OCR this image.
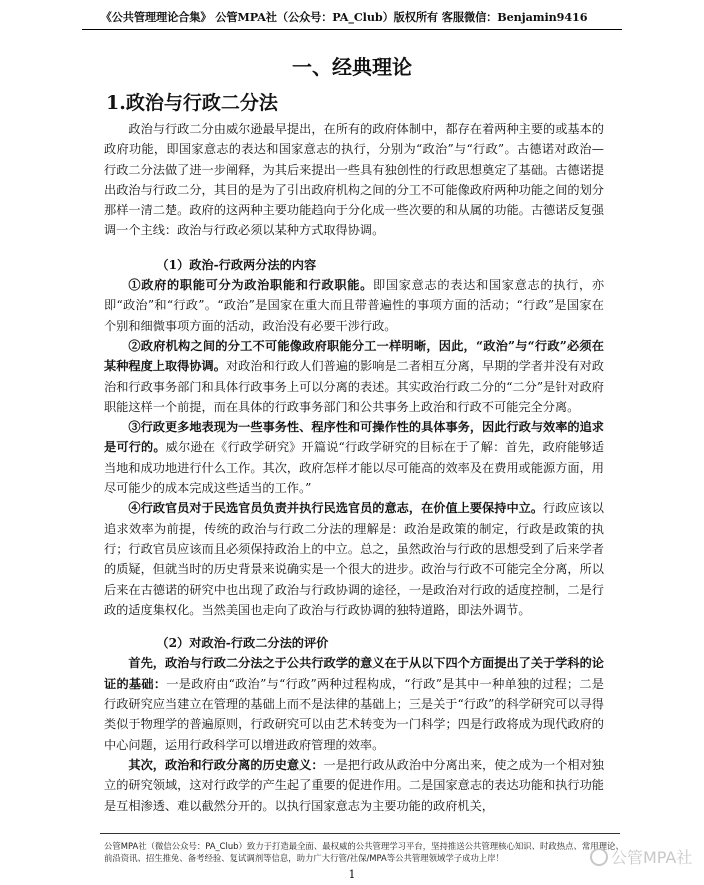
《公共管理理论合集》 公管MPA社（公众号：PA_Club）版权所有 客服微信：Benjamin9416
一、经典理论
1.政治与行政二分法

政治与行政二分由威尔逊最早提出，在所有的政府体制中，都存在着两种主要的或基本的政府功能，即国家意志的表达和国家意志的执行，分别为“政治”与“行政”。古德诺对政治—行政二分法做了进一步阐释，为其后来提出一些具有独创性的行政思想奠定了基础。古德诺提出政治与行政二分，其目的是为了引出政府机构之间的分工不可能像政府两种功能之间的划分那样一清二楚。政府的这两种主要功能趋向于分化成一些次要的和从属的功能。古德诺反复强调一个主线：政治与行政必须以某种方式取得协调。

（1）政治-行政两分法的内容

①政府的职能可分为政治职能和行政职能。即国家意志的表达和国家意志的执行，亦即“政治”和“行政”。“政治”是国家在重大而且带普遍性的事项方面的活动；“行政”是国家在个别和细微事项方面的活动，政治没有必要干涉行政。

②政府机构之间的分工不可能像政府职能分工一样明晰，因此，“政治”与“行政”必须在某种程度上取得协调。对政治和行政人们普遍的影响是二者相互分离，早期的学者并没有对政治和行政事务部门和具体行政事务上可以分离的表述。其实政治行政二分的“二分”是针对政府职能这样一个前提，而在具体的行政事务部门和公共事务上政治和行政不可能完全分离。

③行政更多地表现为一些事务性、程序性和可操作性的具体事务，因此行政与效率的追求是可行的。威尔逊在《行政学研究》开篇说“行政学研究的目标在于了解：首先，政府能够适当地和成功地进行什么工作。其次，政府怎样才能以尽可能高的效率及在费用或能源方面，用尽可能少的成本完成这些适当的工作。”

④行政官员对于民选官员负责并执行民选官员的意志，在价值上要保持中立。行政应该以追求效率为前提，传统的政治与行政二分法的理解是：政治是政策的制定，行政是政策的执行；行政官员应该而且必须保持政治上的中立。总之，虽然政治与行政的思想受到了后来学者的质疑，但就当时的历史背景来说确实是一个很大的进步。政治与行政不可能完全分离，所以后来在古德诺的研究中也出现了政治与行政协调的途径，一是政治对行政的适度控制，二是行政的适度集权化。当然美国也走向了政治与行政协调的独特道路，即法外调节。

（2）对政治-行政二分法的评价

首先，政治与行政二分法之于公共行政学的意义在于从以下四个方面提出了关于学科的论证的基础：一是政府由“政治”与“行政”两种过程构成，“行政”是其中一种单独的过程；二是行政研究应当建立在管理的基础上而不是法律的基础上；三是关于“行政”的科学研究可以寻得类似于物理学的普遍原则，行政研究可以由艺术转变为一门科学；四是行政将成为现代政府的中心问题，运用行政科学可以增进政府管理的效率。

其次，政治和行政分离的历史意义：一是把行政从政治中分离出来，使之成为一个相对独立的研究领域，这对行政学的产生起了重要的促进作用。二是国家意志的表达功能和执行功能是互相渗透、难以截然分开的。以执行国家意志为主要功能的政府机关，

公管MPA社（微信公众号：PA_Club）致力于打造最全面、最权威的公共管理学习平台，坚持推送公共管理核心知识、时政热点、常用理论、前沿资讯、招生推免、备考经验、复试调剂等信息，助力广大行管/社保/MPA等公共管理领域学子成功上岸！	公管MPA社
1
